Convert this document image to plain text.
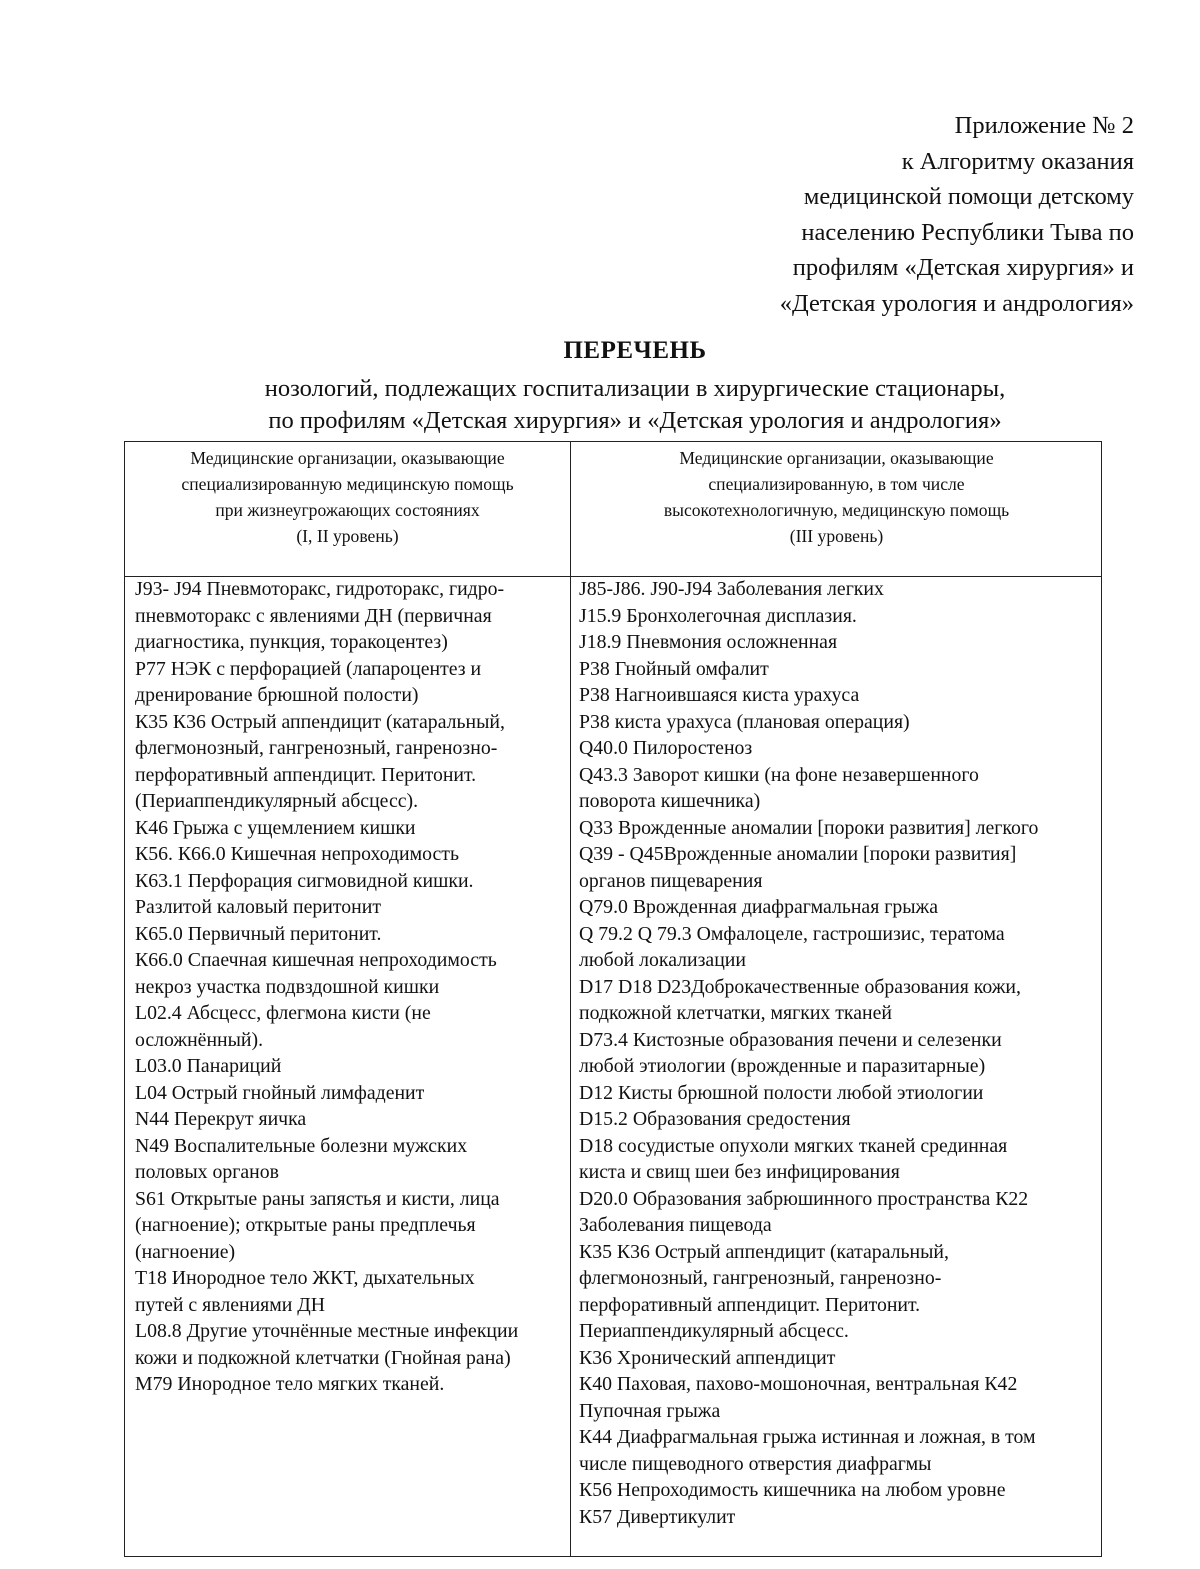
Приложение № 2
к Алгоритму оказания
медицинской помощи детскому
населению Республики Тыва по
профилям «Детская хирургия» и
«Детская урология и андрология»
ПЕРЕЧЕНЬ
нозологий, подлежащих госпитализации в хирургические стационары,
по профилям «Детская хирургия» и «Детская урология и андрология»
Медицинские организации, оказывающие
специализированную медицинскую помощь
при жизнеугрожающих состояниях
(I, II уровень)
Медицинские организации, оказывающие
специализированную, в том числе
высокотехнологичную, медицинскую помощь
(III уровень)
J93- J94 Пневмоторакс, гидроторакс, гидро-
пневмоторакс с явлениями ДН (первичная
диагностика, пункция, торакоцентез)
Р77 НЭК с перфорацией (лапароцентез и
дренирование брюшной полости)
К35 К36 Острый аппендицит (катаральный,
флегмонозный, гангренозный, ганренозно-
перфоративный аппендицит. Перитонит.
(Периаппендикулярный абсцесс).
К46 Грыжа с ущемлением кишки
К56. К66.0 Кишечная непроходимость
К63.1 Перфорация сигмовидной кишки.
Разлитой каловый перитонит
К65.0 Первичный перитонит.
К66.0 Спаечная кишечная непроходимость
некроз участка подвздошной кишки
L02.4 Абсцесс, флегмона кисти (не
осложнённый).
L03.0 Панариций
L04 Острый гнойный лимфаденит
N44 Перекрут яичка
N49 Воспалительные болезни мужских
половых органов
S61 Открытые раны запястья и кисти, лица
(нагноение); открытые раны предплечья
(нагноение)
Т18 Инородное тело ЖКТ, дыхательных
путей с явлениями ДН
L08.8 Другие уточнённые местные инфекции
кожи и подкожной клетчатки (Гнойная рана)
М79 Инородное тело мягких тканей.
J85-J86. J90-J94 Заболевания легких
J15.9 Бронхолегочная дисплазия.
J18.9 Пневмония осложненная
Р38 Гнойный омфалит
Р38 Нагноившаяся киста урахуса
Р38 киста урахуса (плановая операция)
Q40.0 Пилоростеноз
Q43.3 Заворот кишки (на фоне незавершенного
поворота кишечника)
Q33 Врожденные аномалии [пороки развития] легкого
Q39 - Q45Врожденные аномалии [пороки развития]
органов пищеварения
Q79.0 Врожденная диафрагмальная грыжа
Q 79.2 Q 79.3 Омфалоцеле, гастрошизис, тератома
любой локализации
D17 D18 D23Доброкачественные образования кожи,
подкожной клетчатки, мягких тканей
D73.4 Кистозные образования печени и селезенки
любой этиологии (врожденные и паразитарные)
D12 Кисты брюшной полости любой этиологии
D15.2 Образования средостения
D18 сосудистые опухоли мягких тканей срединная
киста и свищ шеи без инфицирования
D20.0 Образования забрюшинного пространства К22
Заболевания пищевода
К35 К36 Острый аппендицит (катаральный,
флегмонозный, гангренозный, ганренозно-
перфоративный аппендицит. Перитонит.
Периаппендикулярный абсцесс.
К36 Хронический аппендицит
К40 Паховая, пахово-мошоночная, вентральная К42
Пупочная грыжа
К44 Диафрагмальная грыжа истинная и ложная, в том
числе пищеводного отверстия диафрагмы
К56 Непроходимость кишечника на любом уровне
К57 Дивертикулит
